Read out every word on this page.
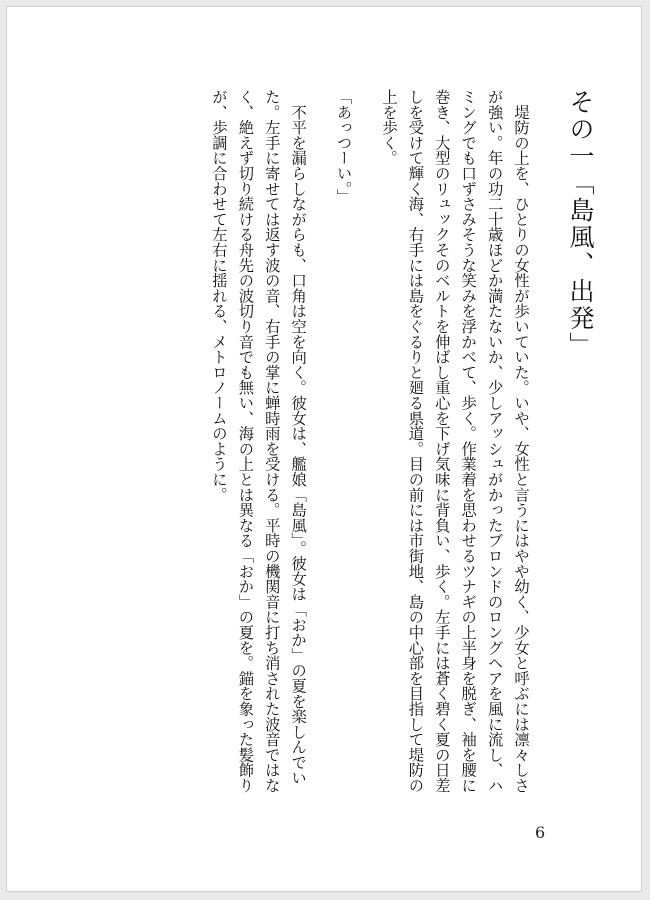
その一「島風、出発」
　堤防の上を、ひとりの女性が歩いていた。いや、女性と言うにはやや幼く、少女と呼ぶには凛々しさが強い。年の功二十歳ほどか満たないか、少しアッシュがかったブロンドのロングヘアを風に流し、ハミングでも口ずさみそうな笑みを浮かべて、歩く。作業着を思わせるツナギの上半身を脱ぎ、袖を腰に巻き、大型のリュックそのベルトを伸ばし重心を下げ気味に背負い、歩く。左手には蒼く碧く夏の日差しを受けて輝く海、右手には島をぐるりと廻る県道。目の前には市街地、島の中心部を目指して堤防の上を歩く。
「あっつーい。」
　不平を漏らしながらも、口角は空を向く。彼女は、艦娘「島風」。彼女は「おか」の夏を楽しんでいた。左手に寄せては返す波の音、右手の掌に蝉時雨を受ける。平時の機関音に打ち消された波音ではなく、絶えず切り続ける舟先の波切り音でも無い、海の上とは異なる「おか」の夏を。錨を象った髪飾りが、歩調に合わせて左右に揺れる、メトロノームのように。
6
